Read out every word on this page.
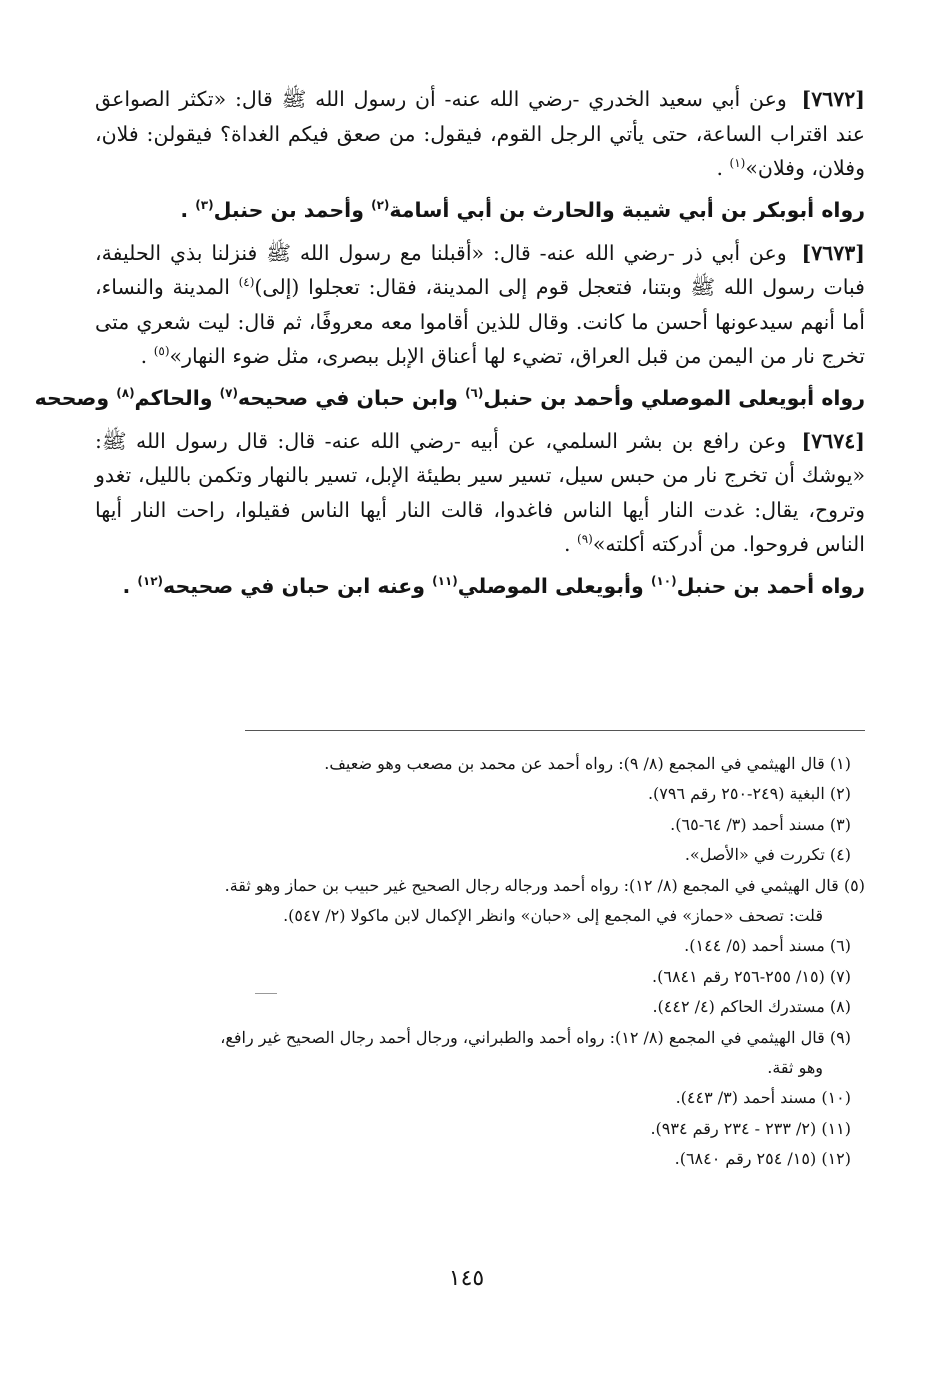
[٧٦٧٢] وعن أبي سعيد الخدري -رضي الله عنه- أن رسول الله ﷺ قال: «تكثر الصواعق عند اقتراب الساعة، حتى يأتي الرجل القوم، فيقول: من صعق فيكم الغداة؟ فيقولن: فلان، وفلان، وفلان»$^{(١)}$ .

رواه أبوبكر بن أبي شيبة والحارث بن أبي أسامة$^{(٢)}$ وأحمد بن حنبل$^{(٣)}$ .

[٧٦٧٣] وعن أبي ذر -رضي الله عنه- قال: «أقبلنا مع رسول الله ﷺ فنزلنا بذي الحليفة، فبات رسول الله ﷺ وبتنا، فتعجل قوم إلى المدينة، فقال: تعجلوا (إلى)$^{(٤)}$ المدينة والنساء، أما أنهم سيدعونها أحسن ما كانت. وقال للذين أقاموا معه معروفًا، ثم قال: ليت شعري متى تخرج نار من اليمن من قبل العراق، تضيء لها أعناق الإبل ببصرى، مثل ضوء النهار»$^{(٥)}$ .

رواه أبويعلى الموصلي وأحمد بن حنبل$^{(٦)}$ وابن حبان في صحيحه$^{(٧)}$ والحاكم$^{(٨)}$ وصححه

[٧٦٧٤] وعن رافع بن بشر السلمي، عن أبيه -رضي الله عنه- قال: قال رسول الله ﷺ: «يوشك أن تخرج نار من حبس سيل، تسير سير بطيئة الإبل، تسير بالنهار وتكمن بالليل، تغدو وتروح، يقال: غدت النار أيها الناس فاغدوا، قالت النار أيها الناس فقيلوا، راحت النار أيها الناس فروحوا. من أدركته أكلته»$^{(٩)}$ .

رواه أحمد بن حنبل$^{(١٠)}$ وأبويعلى الموصلي$^{(١١)}$ وعنه ابن حبان في صحيحه$^{(١٢)}$ .

(١) قال الهيثمي في المجمع (٨/ ٩): رواه أحمد عن محمد بن مصعب وهو ضعيف.

(٢) البغية (٢٤٩-٢٥٠ رقم ٧٩٦).

(٣) مسند أحمد (٣/ ٦٤-٦٥).

(٤) تكررت في «الأصل».

(٥) قال الهيثمي في المجمع (٨/ ١٢): رواه أحمد ورجاله رجال الصحيح غير حبيب بن حماز وهو ثقة.

قلت: تصحف «حماز» في المجمع إلى «حبان» وانظر الإكمال لابن ماكولا (٢/ ٥٤٧).

(٦) مسند أحمد (٥/ ١٤٤).

(٧) (١٥/ ٢٥٥-٢٥٦ رقم ٦٨٤١).

(٨) مستدرك الحاكم (٤/ ٤٤٢).

(٩) قال الهيثمي في المجمع (٨/ ١٢): رواه أحمد والطبراني، ورجال أحمد رجال الصحيح غير رافع،

وهو ثقة.

(١٠) مسند أحمد (٣/ ٤٤٣).

(١١) (٢/ ٢٣٣ - ٢٣٤ رقم ٩٣٤).

(١٢) (١٥/ ٢٥٤ رقم ٦٨٤٠).

١٤٥
